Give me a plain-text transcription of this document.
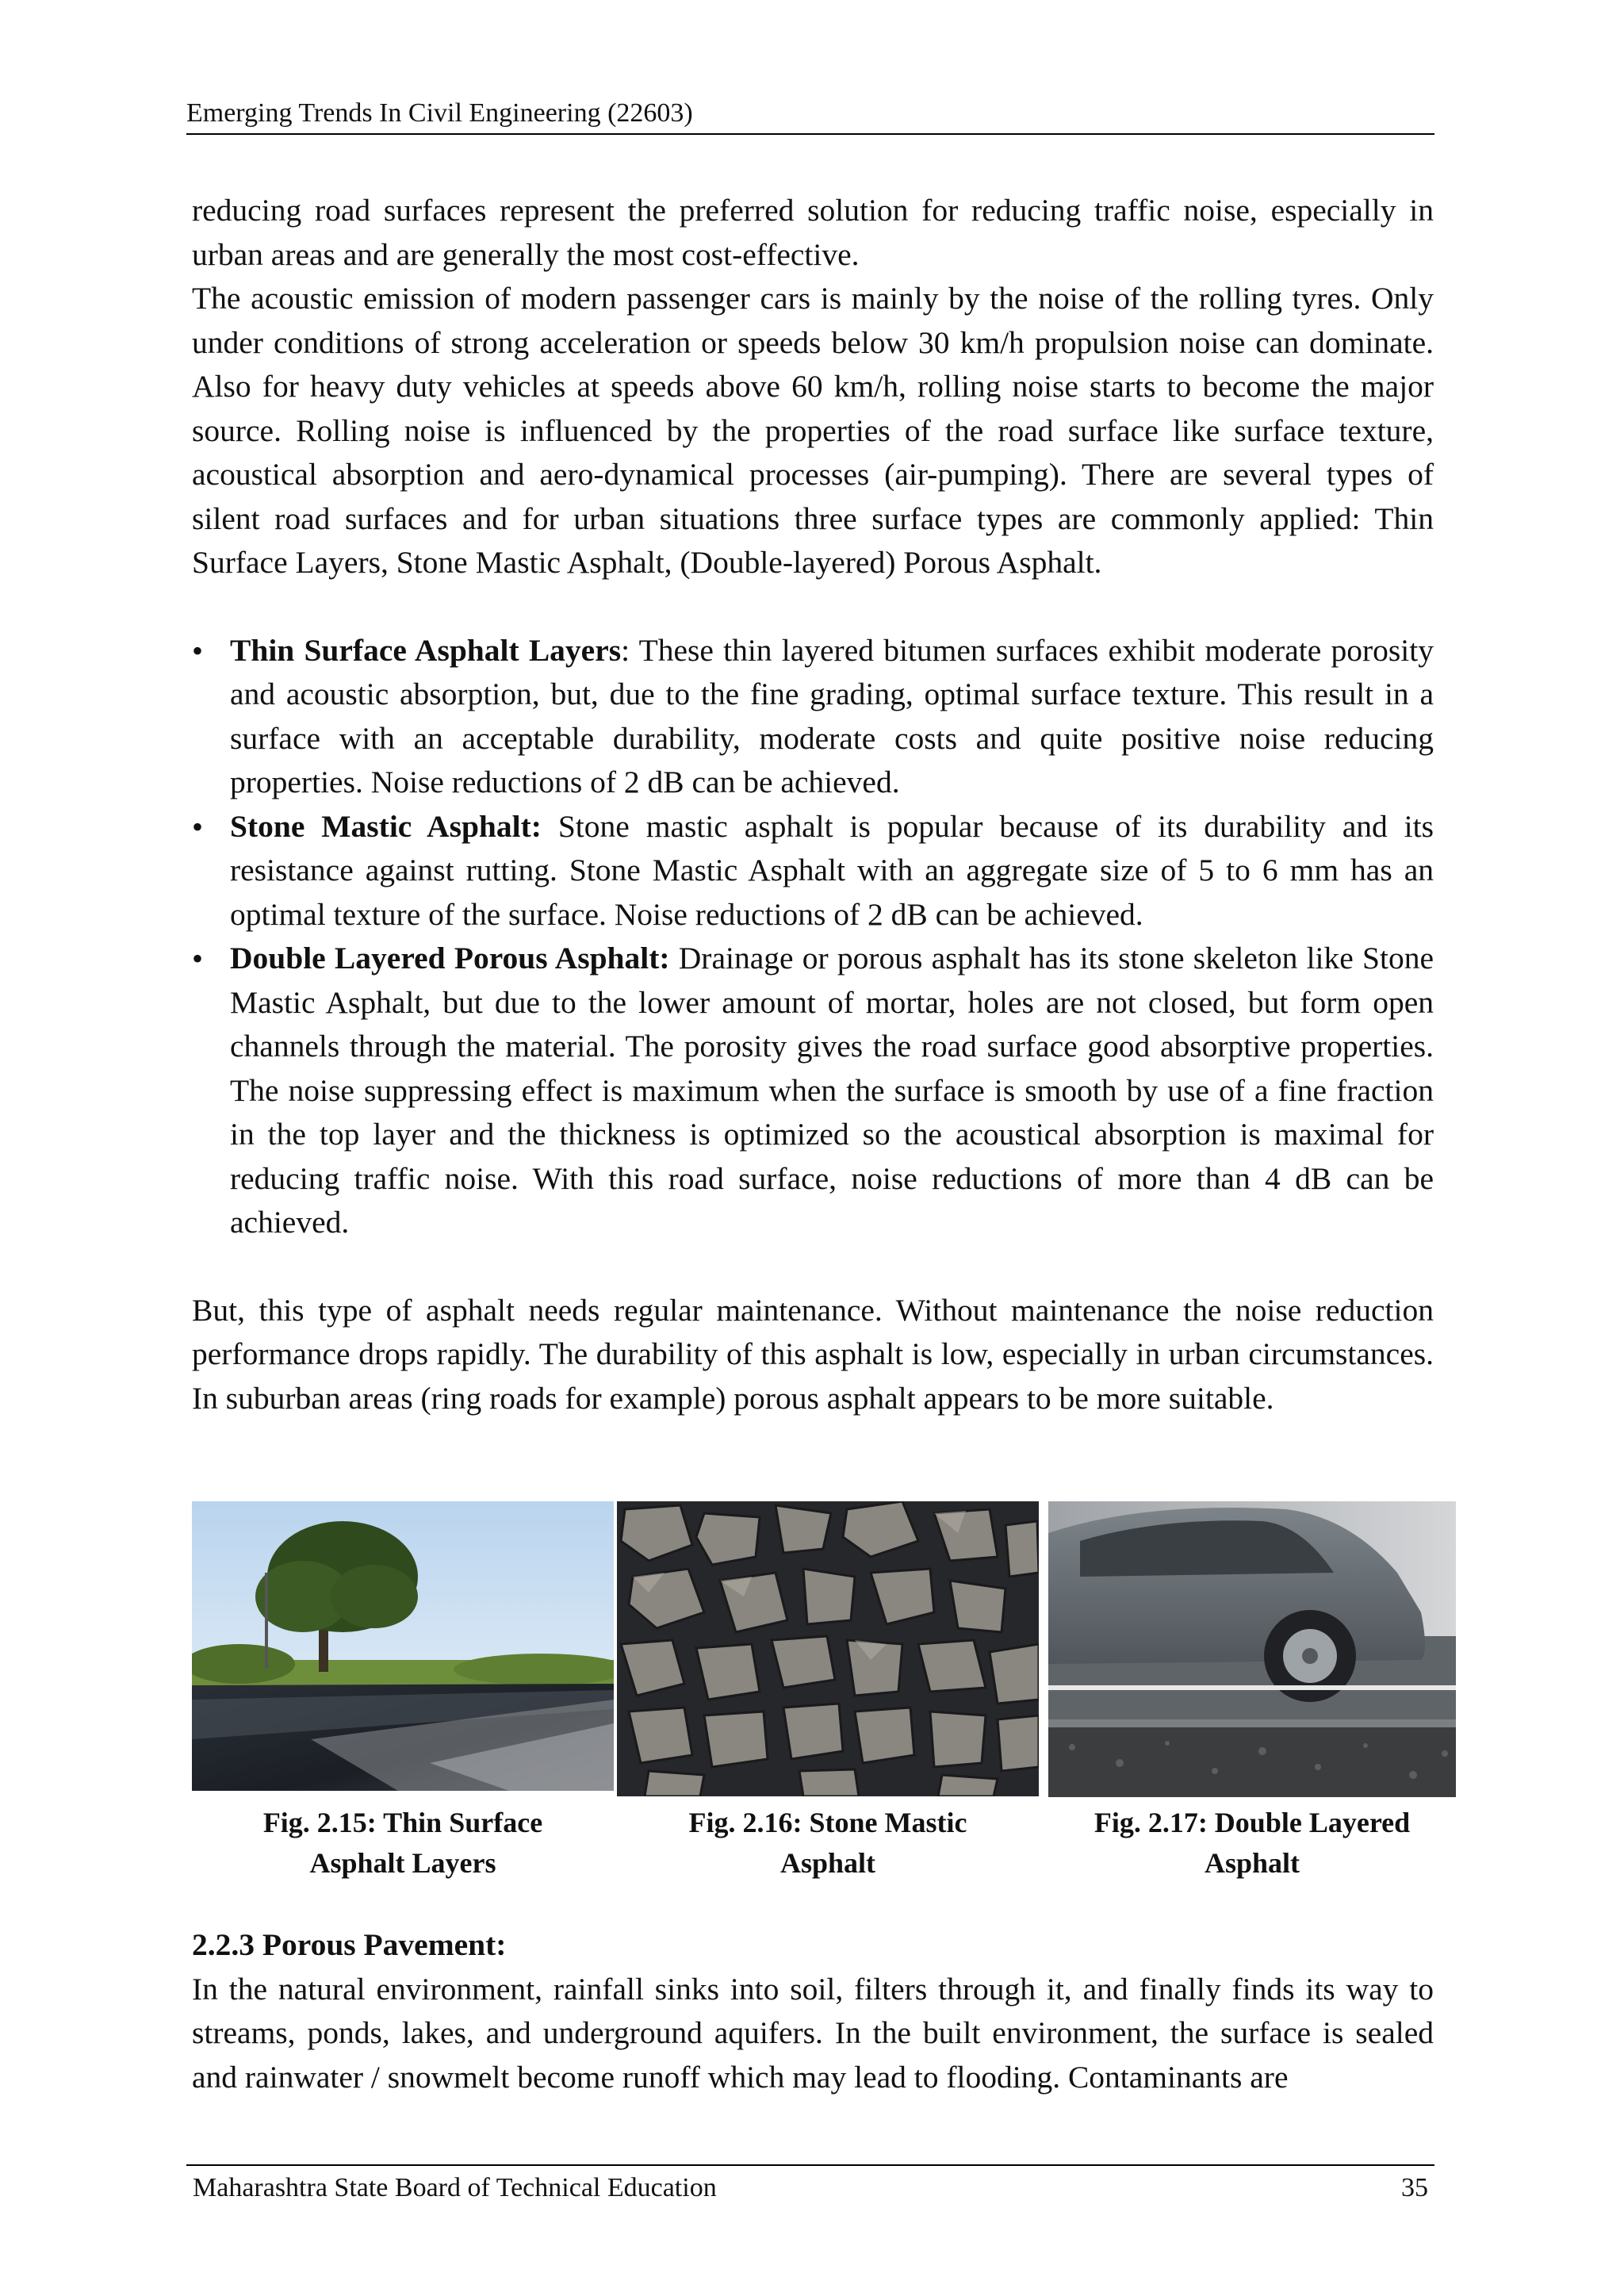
Emerging Trends In Civil Engineering (22603)

reducing road surfaces represent the preferred solution for reducing traffic noise, especially in urban areas and are generally the most cost-effective.

The acoustic emission of modern passenger cars is mainly by the noise of the rolling tyres. Only under conditions of strong acceleration or speeds below 30 km/h propulsion noise can dominate. Also for heavy duty vehicles at speeds above 60 km/h, rolling noise starts to become the major source. Rolling noise is influenced by the properties of the road surface like surface texture, acoustical absorption and aero-dynamical processes (air-pumping). There are several types of silent road surfaces and for urban situations three surface types are commonly applied: Thin Surface Layers, Stone Mastic Asphalt, (Double-layered) Porous Asphalt.

• Thin Surface Asphalt Layers: These thin layered bitumen surfaces exhibit moderate porosity and acoustic absorption, but, due to the fine grading, optimal surface texture. This result in a surface with an acceptable durability, moderate costs and quite positive noise reducing properties. Noise reductions of 2 dB can be achieved.
• Stone Mastic Asphalt: Stone mastic asphalt is popular because of its durability and its resistance against rutting. Stone Mastic Asphalt with an aggregate size of 5 to 6 mm has an optimal texture of the surface. Noise reductions of 2 dB can be achieved.
• Double Layered Porous Asphalt: Drainage or porous asphalt has its stone skeleton like Stone Mastic Asphalt, but due to the lower amount of mortar, holes are not closed, but form open channels through the material. The porosity gives the road surface good absorptive properties. The noise suppressing effect is maximum when the surface is smooth by use of a fine fraction in the top layer and the thickness is optimized so the acoustical absorption is maximal for reducing traffic noise. With this road surface, noise reductions of more than 4 dB can be achieved.

But, this type of asphalt needs regular maintenance. Without maintenance the noise reduction performance drops rapidly. The durability of this asphalt is low, especially in urban circumstances. In suburban areas (ring roads for example) porous asphalt appears to be more suitable.

Fig. 2.15: Thin Surface
Asphalt Layers
Fig. 2.16: Stone Mastic
Asphalt
Fig. 2.17: Double Layered
Asphalt
2.2.3 Porous Pavement:

In the natural environment, rainfall sinks into soil, filters through it, and finally finds its way to streams, ponds, lakes, and underground aquifers. In the built environment, the surface is sealed and rainwater / snowmelt become runoff which may lead to flooding. Contaminants are

Maharashtra State Board of Technical Education	35
